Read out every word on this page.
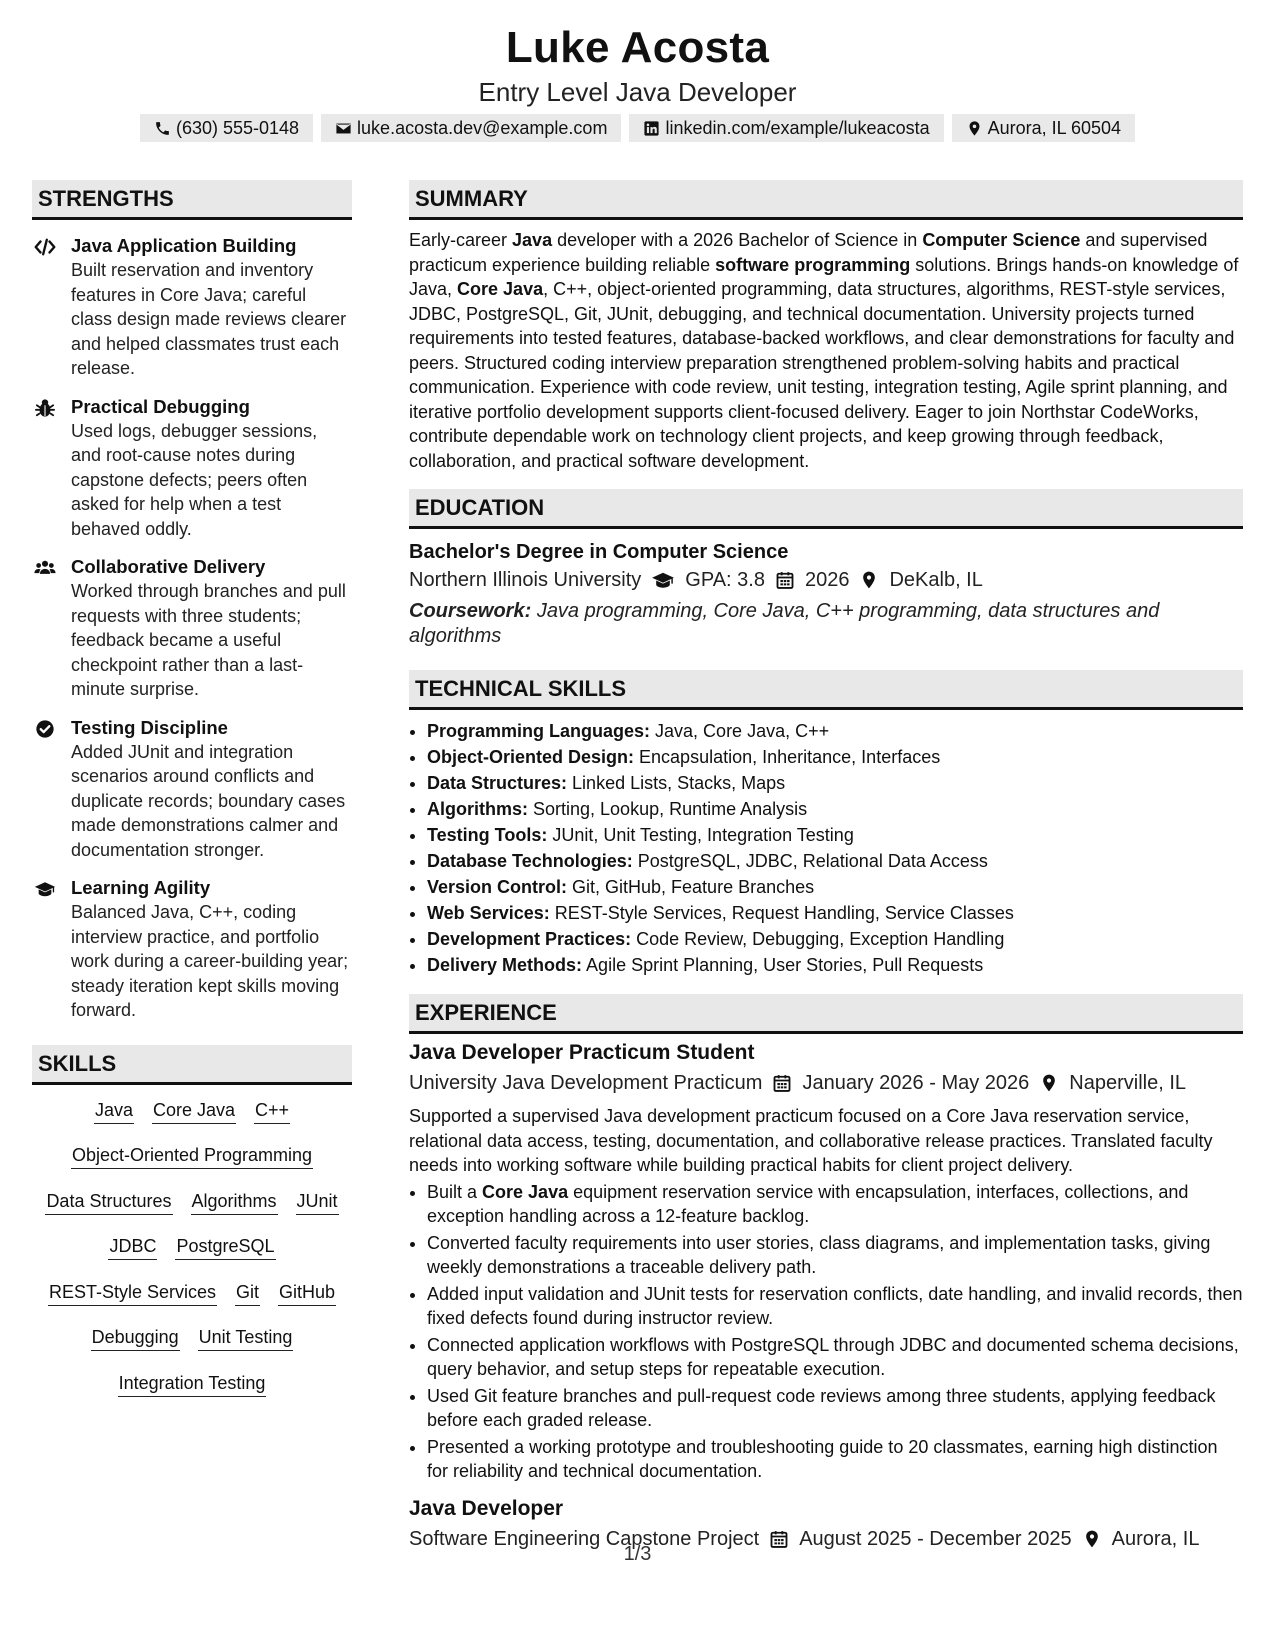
Luke Acosta
Entry Level Java Developer
(630) 555-0148	luke.acosta.dev@example.com	linkedin.com/example/lukeacosta	Aurora, IL 60504
STRENGTHS
Java Application Building
Built reservation and inventory features in Core Java; careful class design made reviews clearer and helped classmates trust each release.
Practical Debugging
Used logs, debugger sessions, and root-cause notes during capstone defects; peers often asked for help when a test behaved oddly.
Collaborative Delivery
Worked through branches and pull requests with three students; feedback became a useful checkpoint rather than a last-minute surprise.
Testing Discipline
Added JUnit and integration scenarios around conflicts and duplicate records; boundary cases made demonstrations calmer and documentation stronger.
Learning Agility
Balanced Java, C++, coding interview practice, and portfolio work during a career-building year; steady iteration kept skills moving forward.
SKILLS
Java Core Java C++
Object-Oriented Programming
Data Structures Algorithms JUnit
JDBC PostgreSQL
REST-Style Services Git GitHub
Debugging Unit Testing
Integration Testing
SUMMARY
Early-career Java developer with a 2026 Bachelor of Science in Computer Science and supervised practicum experience building reliable software programming solutions. Brings hands-on knowledge of Java, Core Java, C++, object-oriented programming, data structures, algorithms, REST-style services, JDBC, PostgreSQL, Git, JUnit, debugging, and technical documentation. University projects turned requirements into tested features, database-backed workflows, and clear demonstrations for faculty and peers. Structured coding interview preparation strengthened problem-solving habits and practical communication. Experience with code review, unit testing, integration testing, Agile sprint planning, and iterative portfolio development supports client-focused delivery. Eager to join Northstar CodeWorks, contribute dependable work on technology client projects, and keep growing through feedback, collaboration, and practical software development.
EDUCATION
Bachelor's Degree in Computer Science
Northern Illinois University GPA: 3.8 2026 DeKalb, IL
Coursework: Java programming, Core Java, C++ programming, data structures and algorithms
TECHNICAL SKILLS
• Programming Languages: Java, Core Java, C++
• Object-Oriented Design: Encapsulation, Inheritance, Interfaces
• Data Structures: Linked Lists, Stacks, Maps
• Algorithms: Sorting, Lookup, Runtime Analysis
• Testing Tools: JUnit, Unit Testing, Integration Testing
• Database Technologies: PostgreSQL, JDBC, Relational Data Access
• Version Control: Git, GitHub, Feature Branches
• Web Services: REST-Style Services, Request Handling, Service Classes
• Development Practices: Code Review, Debugging, Exception Handling
• Delivery Methods: Agile Sprint Planning, User Stories, Pull Requests
EXPERIENCE
Java Developer Practicum Student
University Java Development Practicum January 2026 - May 2026 Naperville, IL
Supported a supervised Java development practicum focused on a Core Java reservation service, relational data access, testing, documentation, and collaborative release practices. Translated faculty needs into working software while building practical habits for client project delivery.
• Built a Core Java equipment reservation service with encapsulation, interfaces, collections, and exception handling across a 12-feature backlog.
• Converted faculty requirements into user stories, class diagrams, and implementation tasks, giving weekly demonstrations a traceable delivery path.
• Added input validation and JUnit tests for reservation conflicts, date handling, and invalid records, then fixed defects found during instructor review.
• Connected application workflows with PostgreSQL through JDBC and documented schema decisions, query behavior, and setup steps for repeatable execution.
• Used Git feature branches and pull-request code reviews among three students, applying feedback before each graded release.
• Presented a working prototype and troubleshooting guide to 20 classmates, earning high distinction for reliability and technical documentation.
Java Developer
Software Engineering Capstone Project August 2025 - December 2025 Aurora, IL
1/3
